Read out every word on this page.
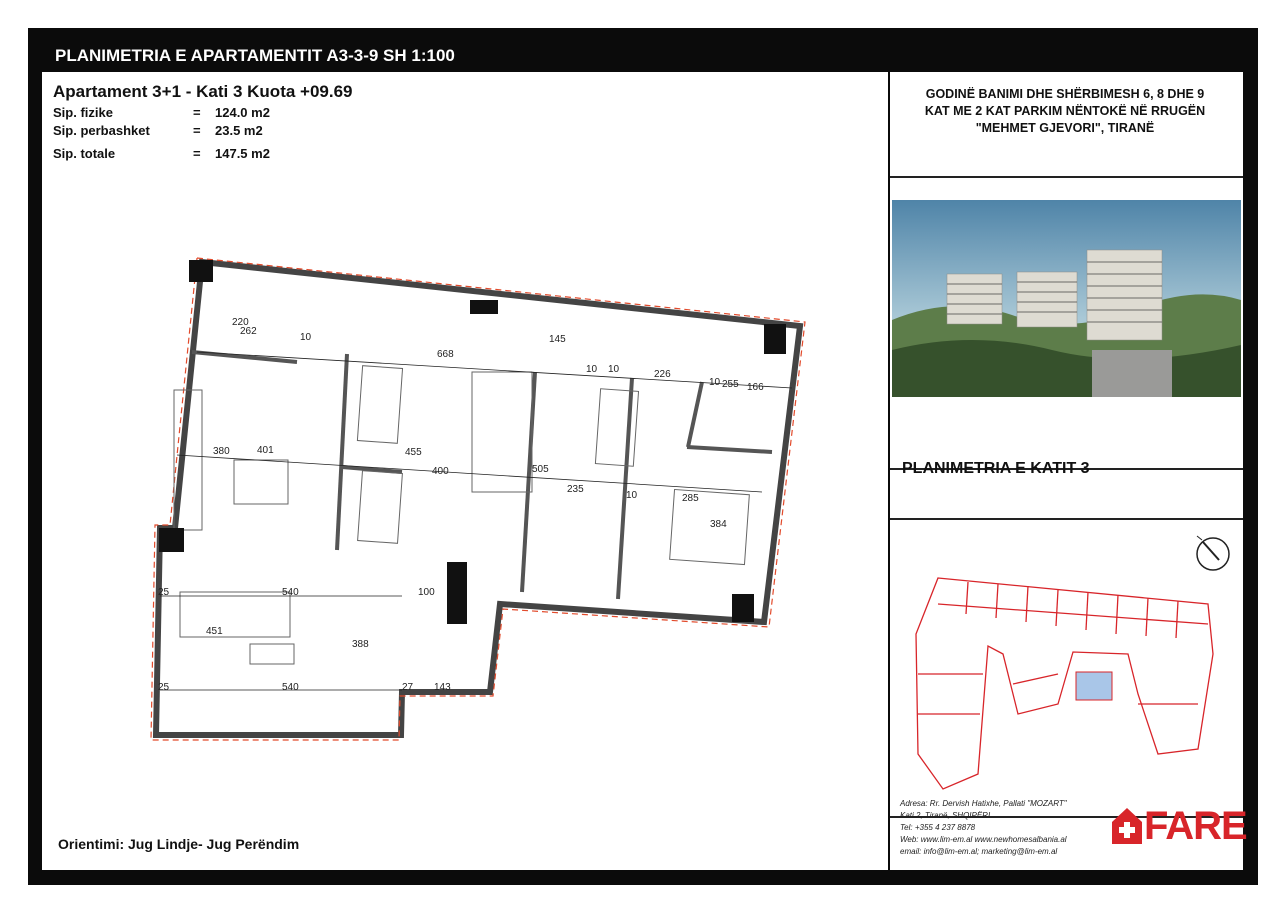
PLANIMETRIA E APARTAMENTIT A3-3-9 SH 1:100
Apartament 3+1 - Kati 3 Kuota +09.69
Sip. fizike	= 124.0 m2
Sip. perbashket	= 23.5 m2
Sip. totale	= 147.5 m2
220
262
10
668
145
10	226
10 255 166
380	401	455
400	505
235
10	285
384
540	100
451
388
540	143
25
25	27
10
Orientimi: Jug Lindje- Jug Perëndim
GODINË BANIMI DHE SHËRBIMESH 6, 8 DHE 9
KAT ME 2 KAT PARKIM NËNTOKË NË RRUGËN
"MEHMET GJEVORI", TIRANË
PLANIMETRIA E KATIT 3
Adresa: Rr. Dervish Hatixhe, Pallati "MOZART"
Kati 2, Tiranë, SHQIPËRI
Tel: +355 4 237 8878
Web: www.lim-em.al www.newhomesalbania.al
email: info@lim-em.al; marketing@lim-em.al
FARE
